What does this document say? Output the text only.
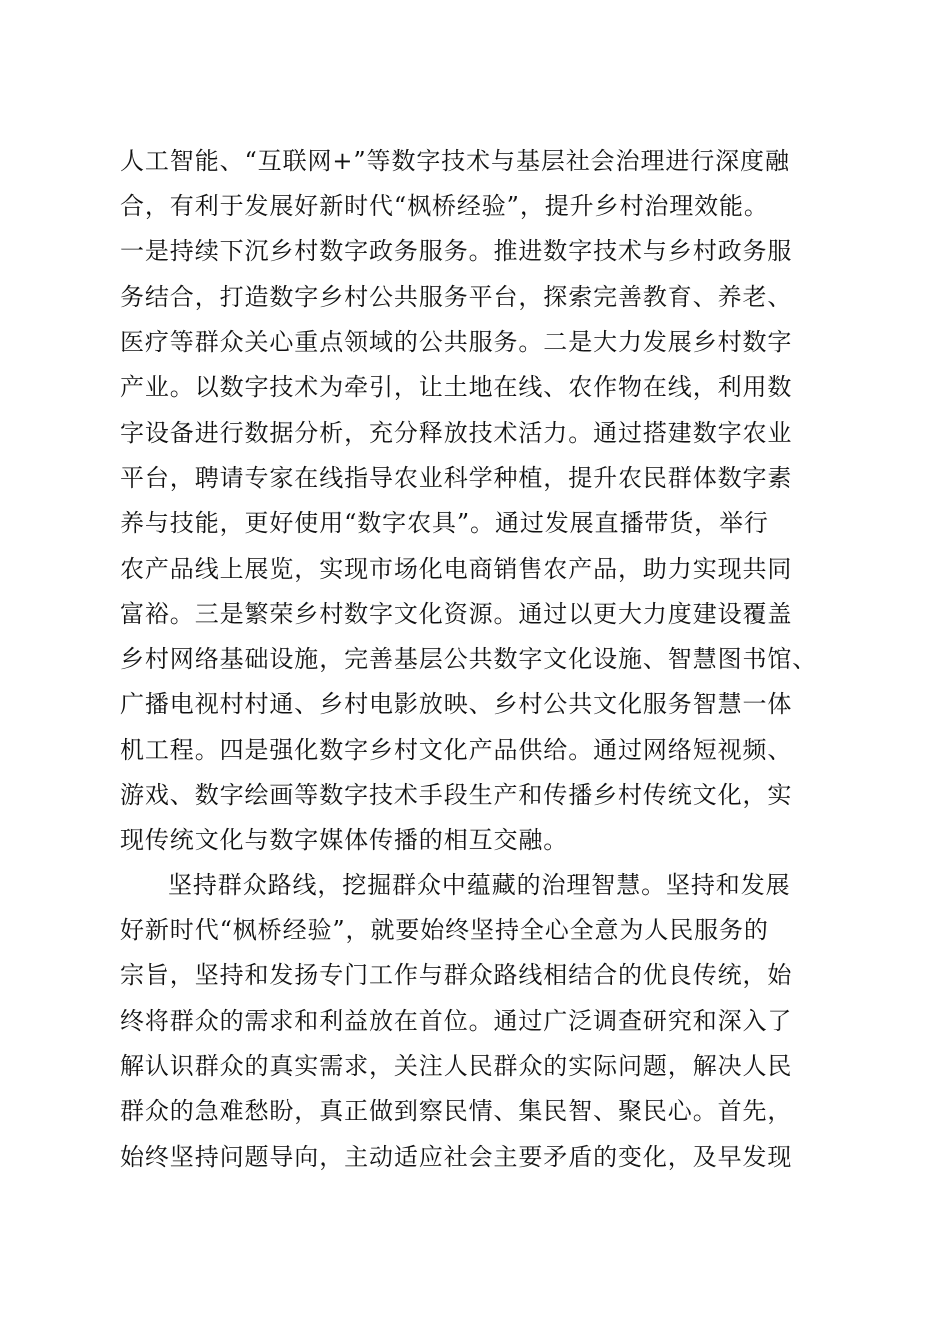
人工智能、“互联网+”等数字技术与基层社会治理进行深度融
合，有利于发展好新时代“枫桥经验”，提升乡村治理效能。
一是持续下沉乡村数字政务服务。推进数字技术与乡村政务服
务结合，打造数字乡村公共服务平台，探索完善教育、养老、
医疗等群众关心重点领域的公共服务。二是大力发展乡村数字
产业。以数字技术为牵引，让土地在线、农作物在线，利用数
字设备进行数据分析，充分释放技术活力。通过搭建数字农业
平台，聘请专家在线指导农业科学种植，提升农民群体数字素
养与技能，更好使用“数字农具”。通过发展直播带货，举行
农产品线上展览，实现市场化电商销售农产品，助力实现共同
富裕。三是繁荣乡村数字文化资源。通过以更大力度建设覆盖
乡村网络基础设施，完善基层公共数字文化设施、智慧图书馆、
广播电视村村通、乡村电影放映、乡村公共文化服务智慧一体
机工程。四是强化数字乡村文化产品供给。通过网络短视频、
游戏、数字绘画等数字技术手段生产和传播乡村传统文化，实
现传统文化与数字媒体传播的相互交融。
坚持群众路线，挖掘群众中蕴藏的治理智慧。坚持和发展
好新时代“枫桥经验”，就要始终坚持全心全意为人民服务的
宗旨，坚持和发扬专门工作与群众路线相结合的优良传统，始
终将群众的需求和利益放在首位。通过广泛调查研究和深入了
解认识群众的真实需求，关注人民群众的实际问题，解决人民
群众的急难愁盼，真正做到察民情、集民智、聚民心。首先，
始终坚持问题导向，主动适应社会主要矛盾的变化，及早发现
